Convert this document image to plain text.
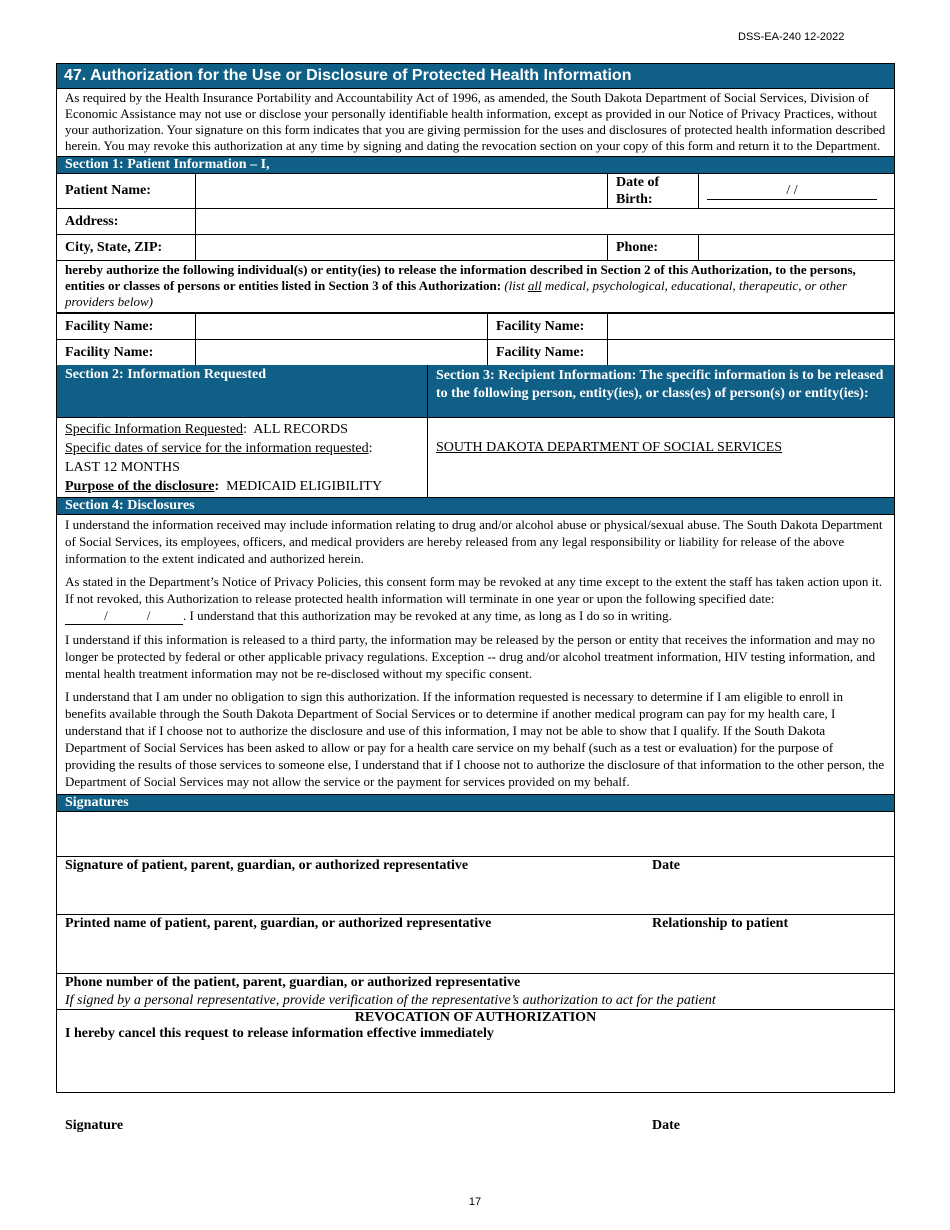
DSS-EA-240 12-2022
47. Authorization for the Use or Disclosure of Protected Health Information
As required by the Health Insurance Portability and Accountability Act of 1996, as amended, the South Dakota Department of Social Services, Division of Economic Assistance may not use or disclose your personally identifiable health information, except as provided in our Notice of Privacy Practices, without your authorization. Your signature on this form indicates that you are giving permission for the uses and disclosures of protected health information described herein. You may revoke this authorization at any time by signing and dating the revocation section on your copy of this form and return it to the Department.
Section 1: Patient Information – I,
Patient Name:		Date of Birth:	/ /
Address:	
City, State, ZIP:		Phone:	
hereby authorize the following individual(s) or entity(ies) to release the information described in Section 2 of this Authorization, to the persons, entities or classes of persons or entities listed in Section 3 of this Authorization: (list all medical, psychological, educational, therapeutic, or other providers below)
Facility Name:		Facility Name:	
Facility Name:		Facility Name:	
Section 2: Information Requested	Section 3: Recipient Information: The specific information is to be released to the following person, entity(ies), or class(es) of person(s) or entity(ies):
Specific Information Requested:  ALL RECORDS
Specific dates of service for the information requested:
LAST 12 MONTHS
Purpose of the disclosure: MEDICAID ELIGIBILITY
SOUTH DAKOTA DEPARTMENT OF SOCIAL SERVICES
Section 4: Disclosures

I understand the information received may include information relating to drug and/or alcohol abuse or physical/sexual abuse. The South Dakota Department of Social Services, its employees, officers, and medical providers are hereby released from any legal responsibility or liability for release of the above information to the extent indicated and authorized herein.

As stated in the Department’s Notice of Privacy Policies, this consent form may be revoked at any time except to the extent the staff has taken action upon it. If not revoked, this Authorization to release protected health information will terminate in one year or upon the following specified date:  /            /	. I understand that this authorization may be revoked at any time, as long as I do so in writing.

I understand if this information is released to a third party, the information may be released by the person or entity that receives the information and may no longer be protected by federal or other applicable privacy regulations. Exception -- drug and/or alcohol treatment information, HIV testing information, and mental health treatment information may not be re-disclosed without my specific consent.

I understand that I am under no obligation to sign this authorization. If the information requested is necessary to determine if I am eligible to enroll in benefits available through the South Dakota Department of Social Services or to determine if another medical program can pay for my health care, I understand that if I choose not to authorize the disclosure and use of this information, I may not be able to show that I qualify. If the South Dakota Department of Social Services has been asked to allow or pay for a health care service on my behalf (such as a test or evaluation) for the purpose of providing the results of those services to someone else, I understand that if I choose not to authorize the disclosure of that information to the other person, the Department of Social Services may not allow the service or the payment for services provided on my behalf.

Signatures
Signature of patient, parent, guardian, or authorized representative	Date
Printed name of patient, parent, guardian, or authorized representative	Relationship to patient
Phone number of the patient, parent, guardian, or authorized representative
If signed by a personal representative, provide verification of the representative’s authorization to act for the patient
REVOCATION OF AUTHORIZATION
I hereby cancel this request to release information effective immediately
Signature	Date
17
